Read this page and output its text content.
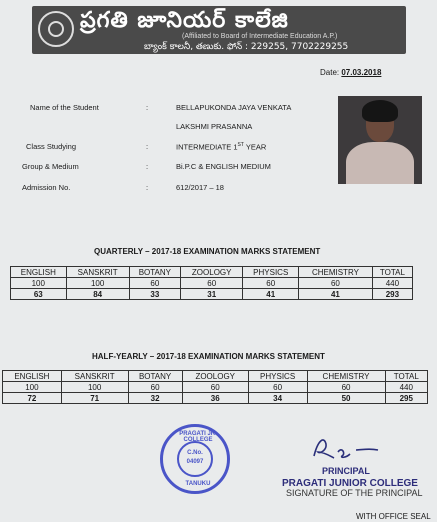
ప్రగతి జూనియర్ కాలేజి
(Affiliated to Board of Intermediate Education A.P.)
బ్యాంక్ కాలనీ, తణుకు. ఫోన్ : 229255, 7702229255
Date: 07.03.2018
Name of the Student	:	BELLAPUKONDA JAYA VENKATA
LAKSHMI PRASANNA
Class Studying	:	INTERMEDIATE 1ST YEAR
Group & Medium	:	Bi.P.C & ENGLISH MEDIUM
Admission No.	:	612/2017 – 18
QUARTERLY – 2017-18 EXAMINATION MARKS STATEMENT
ENGLISH	SANSKRIT	BOTANY	ZOOLOGY	PHYSICS	CHEMISTRY	TOTAL
100	100	60	60	60	60	440
63	84	33	31	41	41	293
HALF-YEARLY – 2017-18 EXAMINATION MARKS STATEMENT
ENGLISH	SANSKRIT	BOTANY	ZOOLOGY	PHYSICS	CHEMISTRY	TOTAL
100	100	60	60	60	60	440
72	71	32	36	34	50	295
PRAGATI JR. COLLEGE
C.No.
04097
TANUKU
PRINCIPAL
PRAGATI JUNIOR COLLEGE
SIGNATURE OF THE PRINCIPAL
WITH OFFICE SEAL
